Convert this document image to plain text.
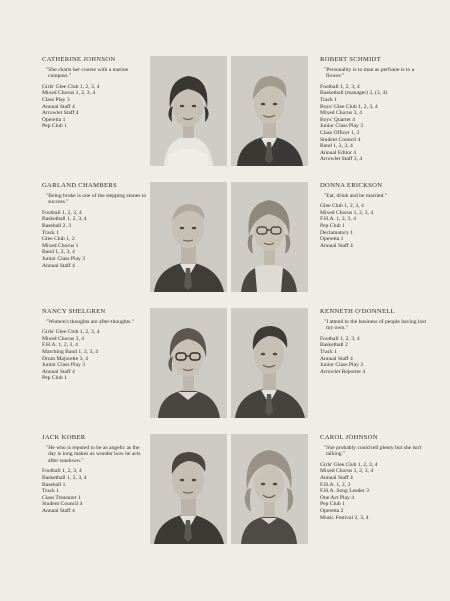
CATHERINE JOHNSON
"She charts her course with a marine compass."
Girls' Glee Club 1, 2, 3, 4
Mixed Chorus 1, 2, 3, 4
Class Play 3
Annual Staff 4
Arrowlet Staff 4
Operetta 1
Pep Club 1
ROBERT SCHMIDT
"Personality is to man as perfume is to a flower."
Football 1, 2, 3, 4
Basketball (manager) 2, (3, 4)
Track 1
Boys' Glee Club 1, 2, 3, 4
Mixed Chorus 3, 4
Boys' Quartet 4
Junior Class Play 3
Class Officer 1, 3
Student Council 4
Band 1, 2, 3, 4
Annual Editor 4
Arrowlet Staff 3, 4
GARLAND CHAMBERS
"Being broke is one of the stepping stones to success."
Football 1, 2, 3, 4
Basketball 1, 2, 3, 4
Baseball 2, 3
Track 1
Glee Club 1, 2
Mixed Chorus 1
Band 1, 2, 3, 4
Junior Class Play 3
Annual Staff 4
DONNA ERICKSON
"Eat, drink and be married."
Glee Club 1, 2, 3, 4
Mixed Chorus 1, 2, 3, 4
F.H.A. 1, 2, 3, 4
Pep Club 1
Declamatory 1
Operetta 1
Annual Staff 4
NANCY SHELGREN
"Women's thoughts are after-thoughts."
Girls' Glee Club 1, 2, 3, 4
Mixed Chorus 3, 4
F.H.A. 1, 2, 3, 4
Marching Band 1, 2, 3, 4
Drum Majorette 3, 4
Junior Class Play 3
Annual Staff 4
Pep Club 1
KENNETH O'DONNELL
"I attend to the business of people having lost my own."
Football 1, 2, 3, 4
Basketball 2
Track 1
Annual Staff 4
Junior Class Play 3
Arrowlet Reporter 4
JACK KOBER
"He who is reputed to be as angelic as the day is long makes us wonder how he acts after sundown."
Football 1, 2, 3, 4
Basketball 1, 2, 3, 4
Baseball 1
Track 1
Class Treasurer 1
Student Council 4
Annual Staff 4
CAROL JOHNSON
"She probably could tell plenty but she isn't talking."
Girls' Glee Club 1, 2, 3, 4
Mixed Chorus 1, 2, 3, 4
Annual Staff 4
F.H.A. 1, 2, 3
F.H.A. Song Leader 3
One Act Play 4
Pep Club 1
Operetta 2
Music Festival 2, 3, 4
